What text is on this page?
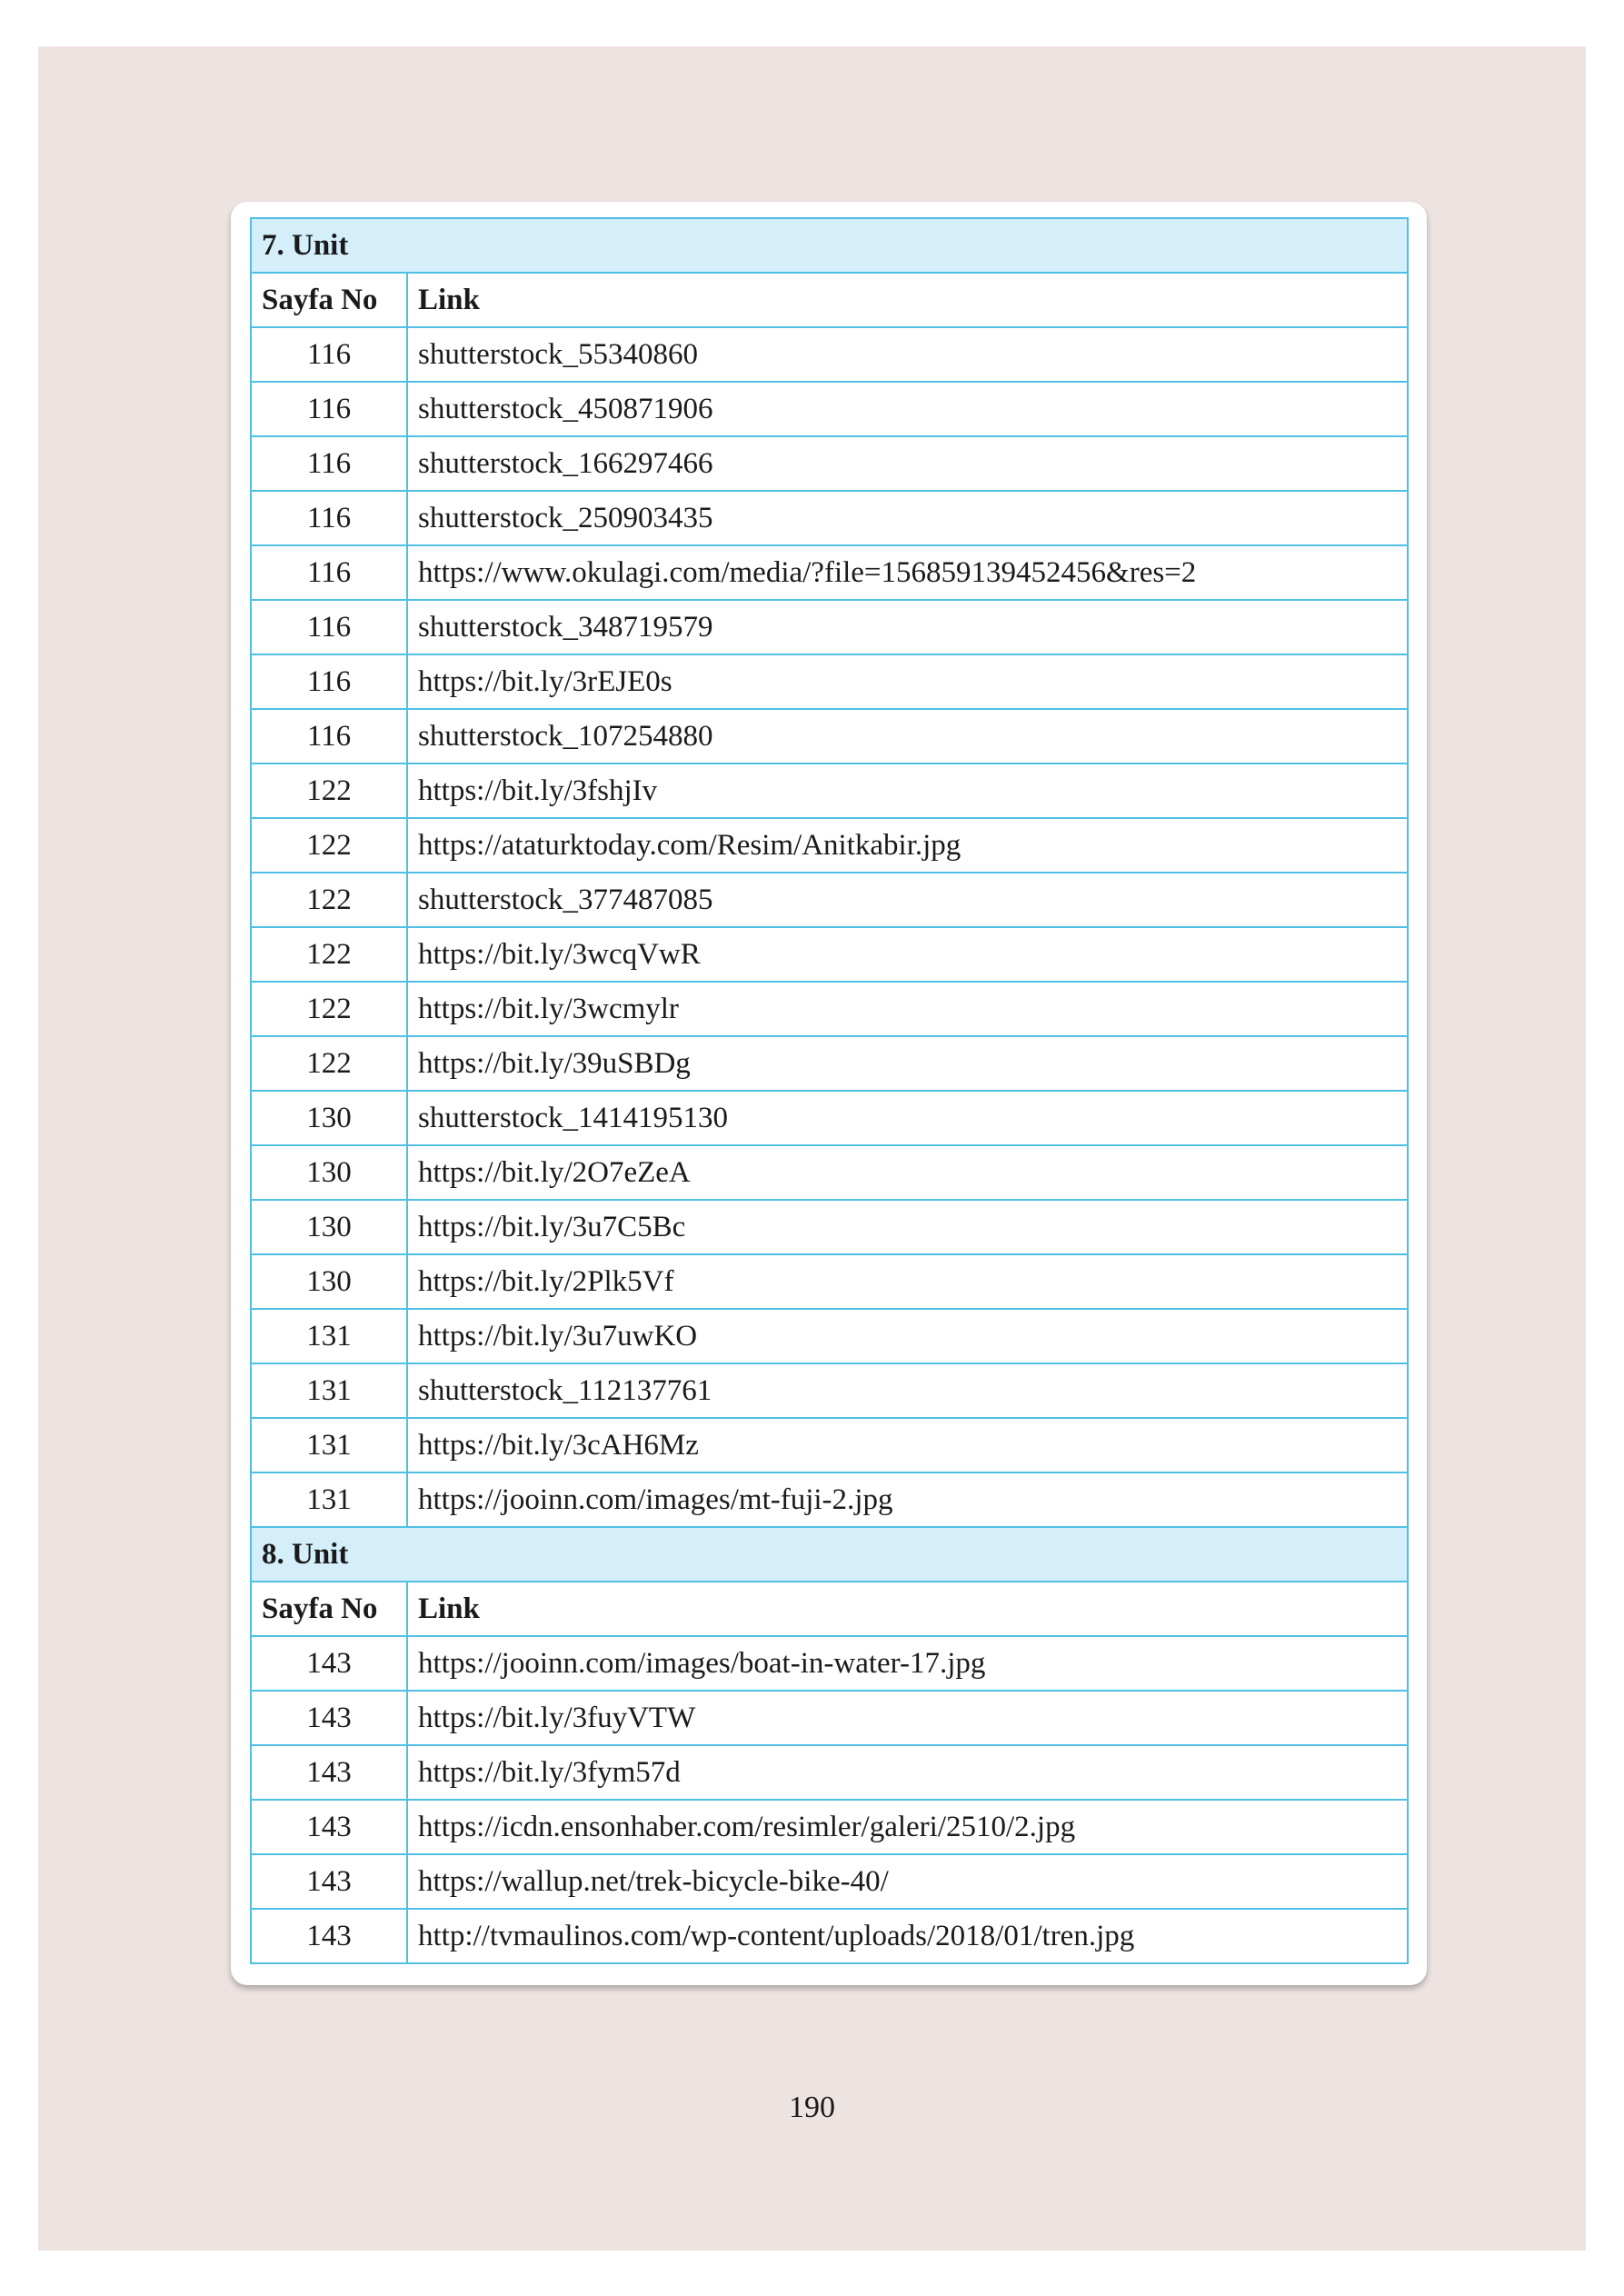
7. Unit	
Sayfa No	Link
116	shutterstock_55340860
116	shutterstock_450871906
116	shutterstock_166297466
116	shutterstock_250903435
116	https://www.okulagi.com/media/?file=156859139452456&res=2
116	shutterstock_348719579
116	https://bit.ly/3rEJE0s
116	shutterstock_107254880
122	https://bit.ly/3fshjIv
122	https://ataturktoday.com/Resim/Anitkabir.jpg
122	shutterstock_377487085
122	https://bit.ly/3wcqVwR
122	https://bit.ly/3wcmylr
122	https://bit.ly/39uSBDg
130	shutterstock_1414195130
130	https://bit.ly/2O7eZeA
130	https://bit.ly/3u7C5Bc
130	https://bit.ly/2Plk5Vf
131	https://bit.ly/3u7uwKO
131	shutterstock_112137761
131	https://bit.ly/3cAH6Mz
131	https://jooinn.com/images/mt-fuji-2.jpg
8. Unit	
Sayfa No	Link
143	https://jooinn.com/images/boat-in-water-17.jpg
143	https://bit.ly/3fuyVTW
143	https://bit.ly/3fym57d
143	https://icdn.ensonhaber.com/resimler/galeri/2510/2.jpg
143	https://wallup.net/trek-bicycle-bike-40/
143	http://tvmaulinos.com/wp-content/uploads/2018/01/tren.jpg
190
